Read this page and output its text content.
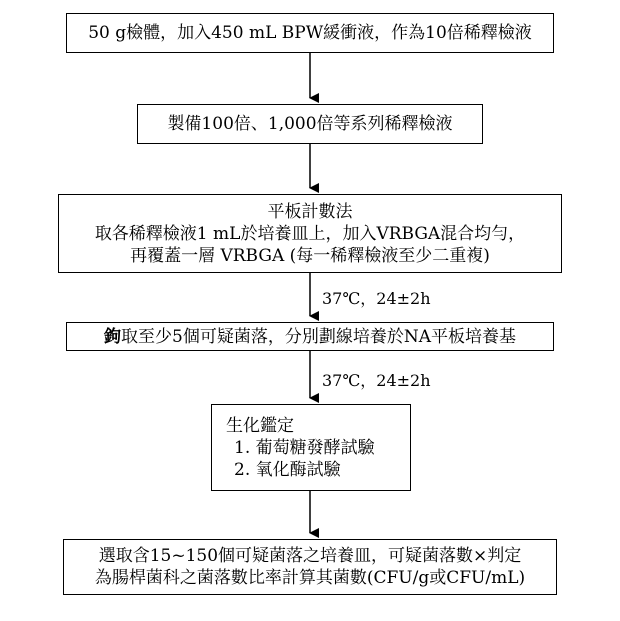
50 g檢體，加入450 mL BPW緩衝液，作為10倍稀釋檢液
製備100倍、1,000倍等系列稀釋檢液
平板計數法
取各稀釋檢液1 mL於培養皿上，加入VRBGA混合均勻，
再覆蓋一層 VRBGA (每一稀釋檢液至少二重複)
37℃，24±2h
鉤取至少5個可疑菌落，分別劃線培養於NA平板培養基
37℃，24±2h
生化鑑定
1. 葡萄糖發酵試驗
2. 氧化酶試驗
選取含15~150個可疑菌落之培養皿，可疑菌落數×判定
為腸桿菌科之菌落數比率計算其菌數(CFU/g或CFU/mL)
